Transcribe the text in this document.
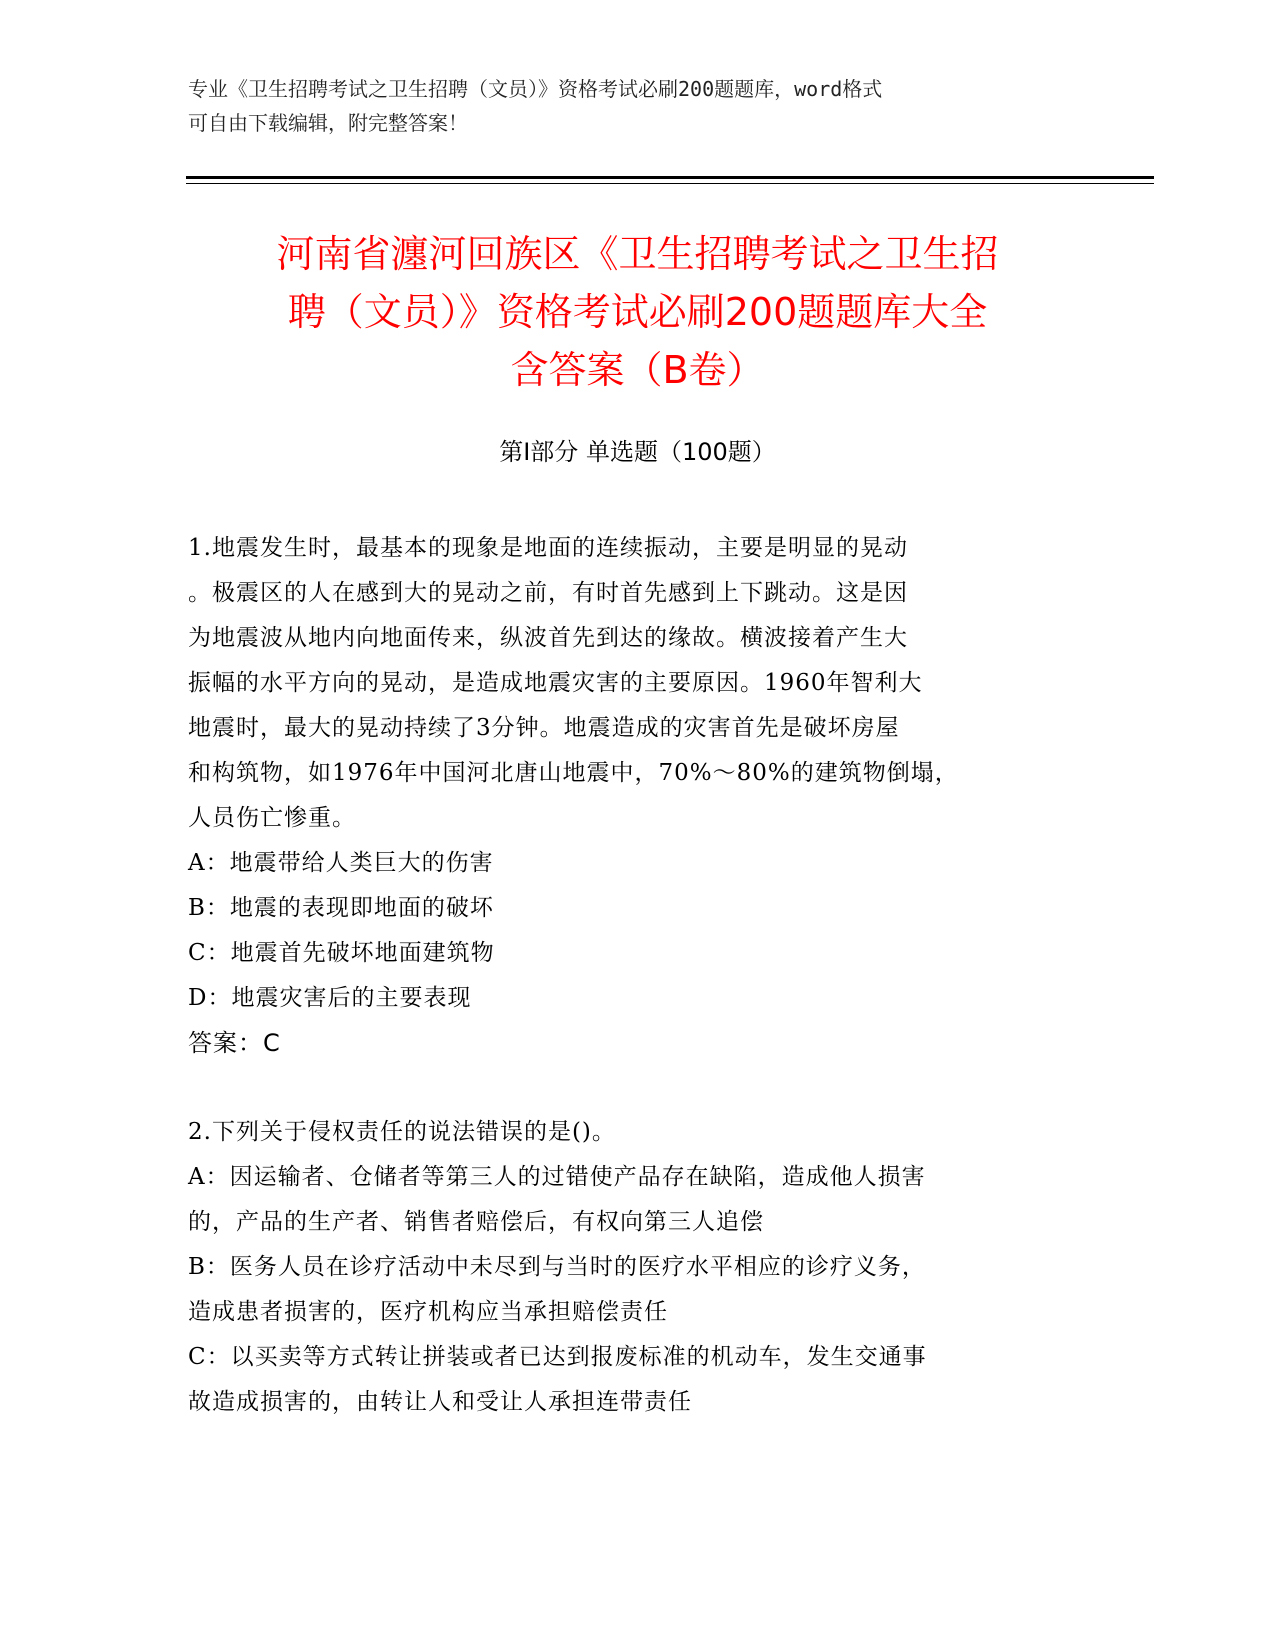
专业《卫生招聘考试之卫生招聘（文员）》资格考试必刷200题题库，word格式
可自由下载编辑，附完整答案！
河南省瀍河回族区《卫生招聘考试之卫生招
聘（文员）》资格考试必刷200题题库大全
含答案（B卷）
第Ⅰ部分 单选题（100题）
1.地震发生时，最基本的现象是地面的连续振动，主要是明显的晃动
。极震区的人在感到大的晃动之前，有时首先感到上下跳动。这是因
为地震波从地内向地面传来，纵波首先到达的缘故。横波接着产生大
振幅的水平方向的晃动，是造成地震灾害的主要原因。1960年智利大
地震时，最大的晃动持续了3分钟。地震造成的灾害首先是破坏房屋
和构筑物，如1976年中国河北唐山地震中，70%～80%的建筑物倒塌，
人员伤亡惨重。
A：地震带给人类巨大的伤害
B：地震的表现即地面的破坏
C：地震首先破坏地面建筑物
D：地震灾害后的主要表现
答案：C
2.下列关于侵权责任的说法错误的是()。
A：因运输者、仓储者等第三人的过错使产品存在缺陷，造成他人损害
的，产品的生产者、销售者赔偿后，有权向第三人追偿
B：医务人员在诊疗活动中未尽到与当时的医疗水平相应的诊疗义务，
造成患者损害的，医疗机构应当承担赔偿责任
C：以买卖等方式转让拼装或者已达到报废标准的机动车，发生交通事
故造成损害的，由转让人和受让人承担连带责任
